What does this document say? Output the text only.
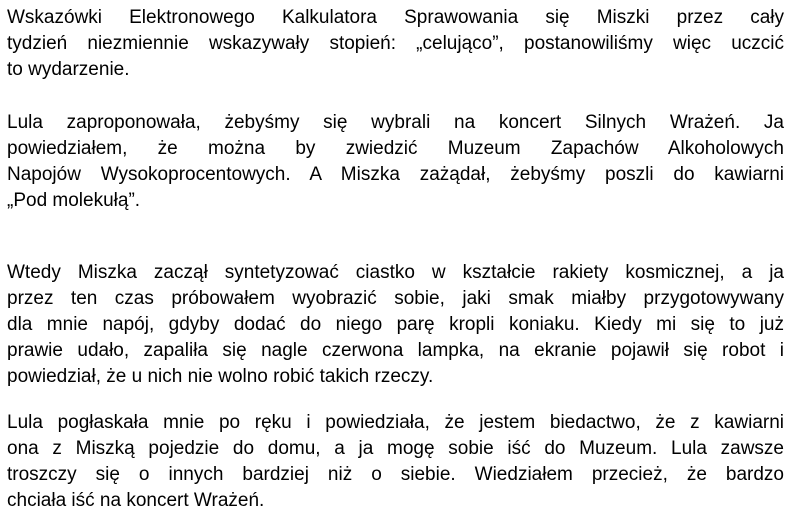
Wskazówki Elektronowego Kalkulatora Sprawowania się Miszki przez cały
tydzień niezmiennie wskazywały stopień: „celująco”, postanowiliśmy więc uczcić
to wydarzenie.
Lula zaproponowała, żebyśmy się wybrali na koncert Silnych Wrażeń. Ja
powiedziałem, że można by zwiedzić Muzeum Zapachów Alkoholowych
Napojów Wysokoprocentowych. A Miszka zażądał, żebyśmy poszli do kawiarni
„Pod molekułą”.
Wtedy Miszka zaczął syntetyzować ciastko w kształcie rakiety kosmicznej, a ja
przez ten czas próbowałem wyobrazić sobie, jaki smak miałby przygotowywany
dla mnie napój, gdyby dodać do niego parę kropli koniaku. Kiedy mi się to już
prawie udało, zapaliła się nagle czerwona lampka, na ekranie pojawił się robot i
powiedział, że u nich nie wolno robić takich rzeczy.
Lula pogłaskała mnie po ręku i powiedziała, że jestem biedactwo, że z kawiarni
ona z Miszką pojedzie do domu, a ja mogę sobie iść do Muzeum. Lula zawsze
troszczy się o innych bardziej niż o siebie. Wiedziałem przecież, że bardzo
chciała iść na koncert Wrażeń.
